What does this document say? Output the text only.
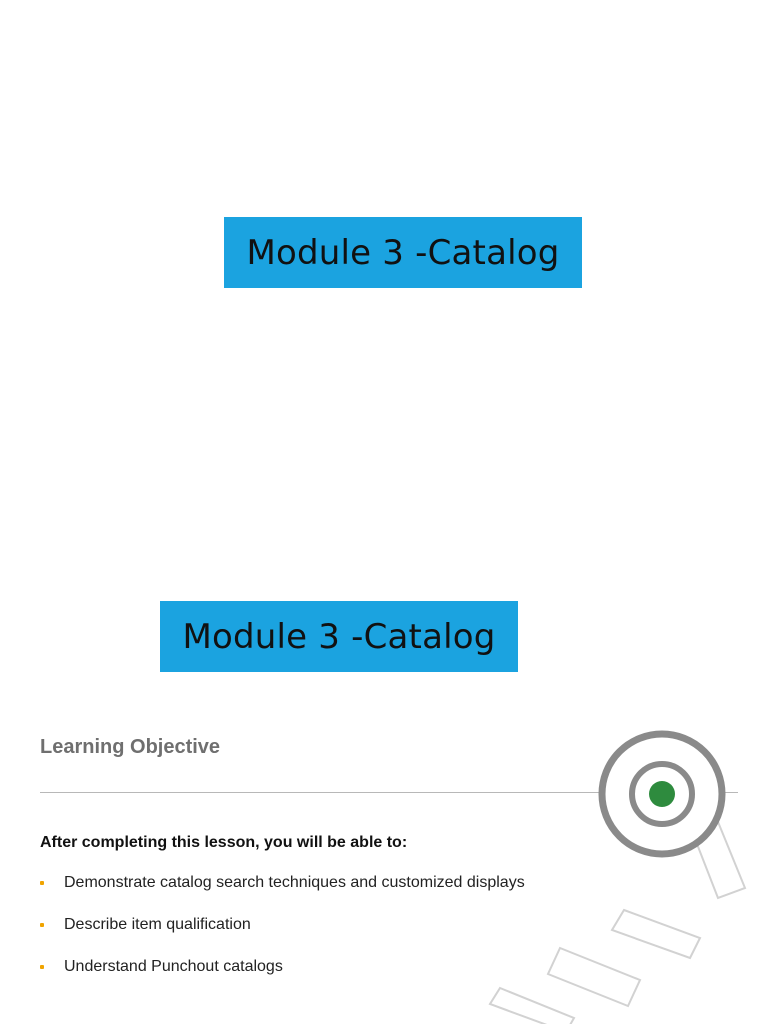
Module 3 -Catalog
Module 3 -Catalog
Learning Objective
After completing this lesson, you will be able to:
Demonstrate catalog search techniques and customized displays
Describe item qualification
Understand Punchout catalogs
